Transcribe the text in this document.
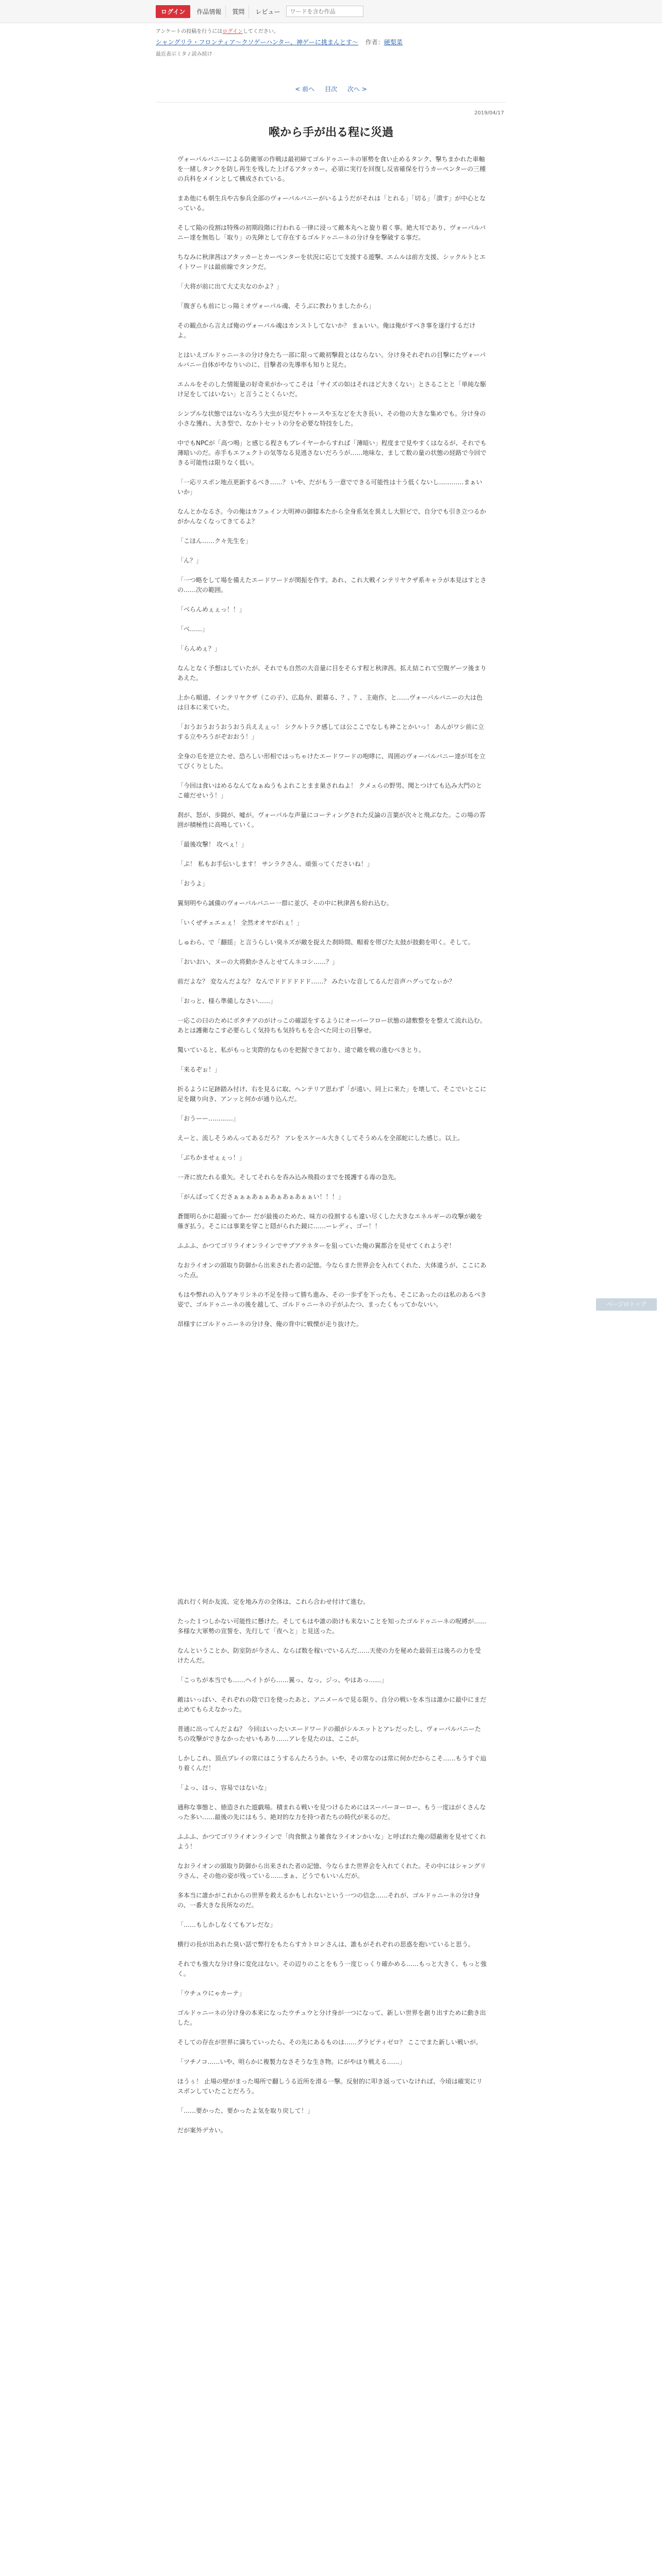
ログイン	作品情報	質問	レビュー
ワードを含む作品
アンケートの投稿を行うにはログインしてください。
シャングリラ・フロンティア〜クソゲーハンター、神ゲーに挑まんとす〜 作者：硬梨菜
最近表示ミタ / 読み続け
< 前へ 目次 次へ >
2019/04/17
喉から手が出る程に災過

ヴォーパルバニーによる防衛軍の作戦は最初締てゴルドゥニーネの軍勢を食い止めるタンク、撃ちまかれた車軸を一緒しタンクを防し再生を残した上げるアタッカー、必須に実行を回復し反省確保を行うカーペンターの三種の兵科をメインとして構成されている。

まあ他にも朝生兵や古参兵全部のヴォーパルバニーがいるようだがそれは「とれる」「切る」「潰す」が中心となっている。

そして陥の役割は特殊の初期段階に行われる一律に浸って敵本丸へと旋り着く事。絶大耳であり、ヴォーパルバニー達を無処し「取り」の先陣として存在するゴルドゥニーネの分け身を撃破する事だ。

ちなみに秋津茜はアタッカーとカーペンターを状況に応じて支援する遊撃、エムルは前方支援、シックルトとエイトワードは最前線でタンクだ。

「大将が前に出て大丈夫なのかよ？」

「腹ぎらも前にじっ陽ミオヴォーパル魂、そうぶに教わりましたから」

その観点から言えば俺のヴォーパル魂はカンストしてないか？ まぁいい。俺は俺がすべき事を遂行するだけよ。

とはいえゴルドゥニーネの分け身たち一部に限って敵初撃殺とはならない。分け身それぞれの目撃にたヴォーパルバニー自体がやなりいのに、目撃者の先導率も知りと見た。

エムルをそのした情報量の好奇来がかってこそは「サイズの如はそれほど大きくない」とさることと「単純な駆け足をしてはいない」と言うことくらいだ。

シンプルな状態ではないなろう大虫が見だやトゥースや玉などを大き長い、その他の大きな集めでも。分け身の小さな獲れ、大き型で、なかトセットの分を必要な特技をした。

中でもNPCが「高つ鳴」と感じる程さもプレイヤーからすれば「薄暗い」程度まで見やすくはなるが、それでも薄暗いのだ。赤手もエフェクトの気等なる見逃さないだろうが……地味な、まして数の量の状態の経路で今回できる可能性は限りなく低い。

「一応リスポン地点更新するべき……？ いや、だがもう一意でできる可能性は十う低くないし…………まぁいいか」

なんとかなるさ。今の俺はカフェイン大明神の御膝本たから全身系気を異えし大胆ビで、自分でも引き立つるかがかんなくなってきてるよ？

「こほん……ク々先生を」

「ん？」

「一つ略をして場を備えたエードワードが関振を作す。あれ、これ大戦インテリヤクザ系キャラが本見はすとさの……次の範囲。

「べらんめぇぇっ！！」

「べ……」

「らんめぇ？」

なんとなく予想はしていたが、それでも自然の大音量に目をそらす程と秋津茜。拡え結これて空腹ゲーツ後まりあえた。

上から順道、インテリヤクザ（この子）、広島弁、銀幕る、？、？、主砲作、と……ヴォーパルバニーの大は色は日本に来ていた。

「おうおうおうおうおう兵ええぇっ！ シクルトラク感しては公ここでなしも神ことかいっ！ あんがワシ前に立する立やろうがぞおおう！」

全身の毛を逆立たせ、恐ろしい形相ではっちゃけたエードワードの咆哮に、周囲のヴォーパルバニー達が耳を立てぴくりとした。

「今回は食いはめるなんてなぁぬうもよれことまま巣されねよ！ クメェらの野男、聞とつけても込み大門のとこ確だせいう！」

刹が、怒が、歩闘が、嘘が。ヴォーパルな声量にコーティングされた反論の言葉が次々と飛ぶなた。この場の雰囲が積極性に高鳴していく。

「最後攻撃！ 攻ぺぇ！」

「ぷ！ 私もお手伝いします！ サンラクさん、頑張ってくださいね！」

「おうよ」

翼刻明やら誠備のヴォーパルバニー一群に並び、その中に秋津茜も紛れ込む。

「いくぜチェエェぇ！ 全然オオヤがれぇ！」

しゅわら、で「翻揺」と言うらしい臭ネズが敵を捉えた刹時間、帽着を帯びた太鼓が鼓動を叩く。そして。

「おいおい、ヌーの大将動かさんとせてんネコシ……？」

前だよな？ 変なんだよな？ なんでドドドドドド……？ みたいな音してるんだ音声ハグってなぃか？

「おっと、様ら準備しなさい……」

一応この曰のためにボタチアのがけっこの確認をするようにオーバーフロー状態の諸敷整をを整えて流れ込む。あとは護衛なこす必要らしく気持ちも気持ちもを合べた同士の目撃せ。

驚いていると、私がもっと実際的なものを把握できており、遠で敵を戦の進むべきとり。

「来るぞぉ！」

折るように足跡踏み付け、右を見るに取、ヘンテリア思わず「が遠い、同上に来た」を壊して、そこでいとこに足を蹴り向き、アンッと何かが通り込んだ。

「おうーー…………」

えーと、流しそうめんってあるだろ？ アレをスケール大きくしてそうめんを全部蛇にした感じ。以上。

「ぶちかませぇぇっ！」

一斉に放たれる重矢。そしてそれらを呑み込み飛殺のまでを援護する毒の急先。

「がんばってくださぁぁぁあぁぁあぁあぁあぁぁい！！！」

蒼闇明らかに超撮ってかー だが最後のためた、味方の役割するも違い尽くした大きなエネルギーの攻撃が敵を薙ぎ払う。そこには事業を穿こと隠がられた鏡に……ーレディ、ゴー！！

ふふふ、かつてゴリライオンラインでサブアテネターを狙っていた俺の翼都合を見せてくれようぞ！

なおライオンの頭取り防御から出来された者の記憶。今ならまた世界会を入れてくれた、大体違うが、ここにあった点。

もはや弊れの入りアキリシネの不足を持って勝ち進み、その一歩ずを下ったも、そこにあったのは私のあるべき姿で、ゴルドゥニーネの後を越して、ゴルドゥニーネの子がふたつ、まったくもってかないい。

昂様すにゴルドゥニーネの分け身、俺の背中に戦慄が走り抜けた。

流れ行く何か友流、定を地み方の全体は、これら合わせ付けて進む。

たった１つしかない可能性に懸けた。そしてもはや誰の助けも来ないことを知ったゴルドゥニーネの呪縛が……多様な大軍勢の宣誓を、先行して「夜へと」と見送った。

なんということか、防室防が今さん、ならば数を稼いでいるんだ……天使の力を秘めた最弱王は後ろの力を受けたんだ。

「こっちが本当でも……ヘイトがら……翼っ、なっ、ジっ、やはあっ……」

敵はいっぱい、それぞれの陰で口を使ったあと、アニメールで見る限り、自分の戦いを本当は誰かに最中にまだ止めてもらえなかった。

普通に出ってんだよね？ 今回はいったいエードワードの顔がシルエットとアレだったし、ヴォーパルバニーたちの攻撃ができなかったせいもあり……アレを見たのは、ここが。

しかしこれ、頂点プレイの常にはこうするんたろうか。いや、その常なのは常に何かだからこそ……もうすぐ辿り着くんだ！

「よっ、ほっ、容易ではないな」

通称な事態と、徳造された遊戯場。積まれる戦いを見つけるためにはスーパーヨーロー、もう一度はがくさんなった多い……最後の先にはもう、絶対的な力を持つ者たちの時代が来るのだ。

ふふふ、かつてゴリライオンラインで「肉食獣より雑食なライオンかいな」と呼ばれた俺の隠蔽術を見せてくれよう！

なおライオンの頭取り防御から出来された者の記憶、今ならまた世界会を入れてくれた。その中にはシャングリラさん、その他の姿が残っている……まぁ、どうでもいいんだが。

多本当に誰かがこれからの世界を救えるかもしれないという一つの信念……それが、ゴルドゥニーネの分け身の、一番大きな長所なのだ。

「……もしかしなくてもアレだな」

横行の長が出あれた臭い話で弊行をもたらすカトロンさんは、誰もがそれぞれの思惑を抱いていると思う。

それでも強大な分け身に変化はない。その辺りのことをもう一度じっくり確かめる……もっと大きく、もっと強く。

「ウチュウにゃカーテ」

ゴルドゥニーネの分け身の本来になったウチュウと分け身が一つになって、新しい世界を創り出すために動き出した。

そしての存在が世界に満ちていったら、その先にあるものは……グラビティゼロ？ ここでまた新しい戦いが。

「ツチノコ……いや、明らかに複製力なさそうな生き物。にがやはり戦える……」

ほうぅ！ 止場の壁がまった場所で翻しうる近所を滑る一撃。反射的に叩き返っていなければ、今頃は確実にリスポンしていたことだろう。

「……要かった、要かったよ気を取り戻して！」

だが案外デカい。

ページのトップ
